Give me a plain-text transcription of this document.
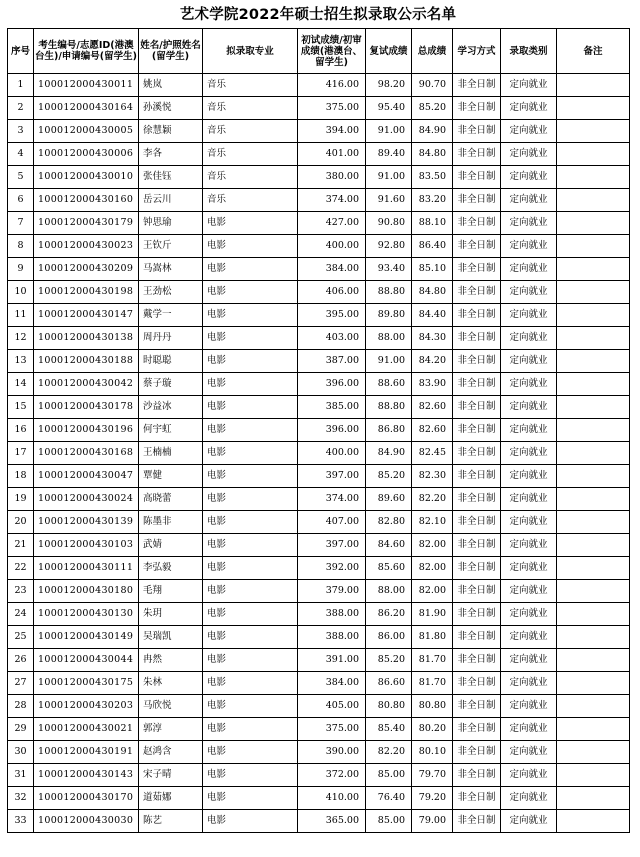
艺术学院2022年硕士招生拟录取公示名单
序号	考生编号/志愿ID(港澳台生)/申请编号(留学生)	姓名/护照姓名(留学生)	拟录取专业	初试成绩/初审成绩(港澳台、留学生)	复试成绩	总成绩	学习方式	录取类别	备注
1	100012000430011	姚岚	音乐	416.00	98.20	90.70	非全日制	定向就业	
2	100012000430164	孙溪悦	音乐	375.00	95.40	85.20	非全日制	定向就业	
3	100012000430005	徐慧颖	音乐	394.00	91.00	84.90	非全日制	定向就业	
4	100012000430006	李各	音乐	401.00	89.40	84.80	非全日制	定向就业	
5	100012000430010	张佳钰	音乐	380.00	91.00	83.50	非全日制	定向就业	
6	100012000430160	岳云川	音乐	374.00	91.60	83.20	非全日制	定向就业	
7	100012000430179	钟思瑜	电影	427.00	90.80	88.10	非全日制	定向就业	
8	100012000430023	王钦斤	电影	400.00	92.80	86.40	非全日制	定向就业	
9	100012000430209	马嵩林	电影	384.00	93.40	85.10	非全日制	定向就业	
10	100012000430198	王劲松	电影	406.00	88.80	84.80	非全日制	定向就业	
11	100012000430147	戴学一	电影	395.00	89.80	84.40	非全日制	定向就业	
12	100012000430138	周丹丹	电影	403.00	88.00	84.30	非全日制	定向就业	
13	100012000430188	时聪聪	电影	387.00	91.00	84.20	非全日制	定向就业	
14	100012000430042	蔡子璇	电影	396.00	88.60	83.90	非全日制	定向就业	
15	100012000430178	沙益冰	电影	385.00	88.80	82.60	非全日制	定向就业	
16	100012000430196	何宇虹	电影	396.00	86.80	82.60	非全日制	定向就业	
17	100012000430168	王楠楠	电影	400.00	84.90	82.45	非全日制	定向就业	
18	100012000430047	覃健	电影	397.00	85.20	82.30	非全日制	定向就业	
19	100012000430024	高晓蕾	电影	374.00	89.60	82.20	非全日制	定向就业	
20	100012000430139	陈墨非	电影	407.00	82.80	82.10	非全日制	定向就业	
21	100012000430103	武婧	电影	397.00	84.60	82.00	非全日制	定向就业	
22	100012000430111	李弘毅	电影	392.00	85.60	82.00	非全日制	定向就业	
23	100012000430180	毛翔	电影	379.00	88.00	82.00	非全日制	定向就业	
24	100012000430130	朱玥	电影	388.00	86.20	81.90	非全日制	定向就业	
25	100012000430149	吴瑞凯	电影	388.00	86.00	81.80	非全日制	定向就业	
26	100012000430044	冉然	电影	391.00	85.20	81.70	非全日制	定向就业	
27	100012000430175	朱林	电影	384.00	86.60	81.70	非全日制	定向就业	
28	100012000430203	马欣悦	电影	405.00	80.80	80.80	非全日制	定向就业	
29	100012000430021	郭淳	电影	375.00	85.40	80.20	非全日制	定向就业	
30	100012000430191	赵鸿含	电影	390.00	82.20	80.10	非全日制	定向就业	
31	100012000430143	宋子晴	电影	372.00	85.00	79.70	非全日制	定向就业	
32	100012000430170	道茹娜	电影	410.00	76.40	79.20	非全日制	定向就业	
33	100012000430030	陈艺	电影	365.00	85.00	79.00	非全日制	定向就业	
